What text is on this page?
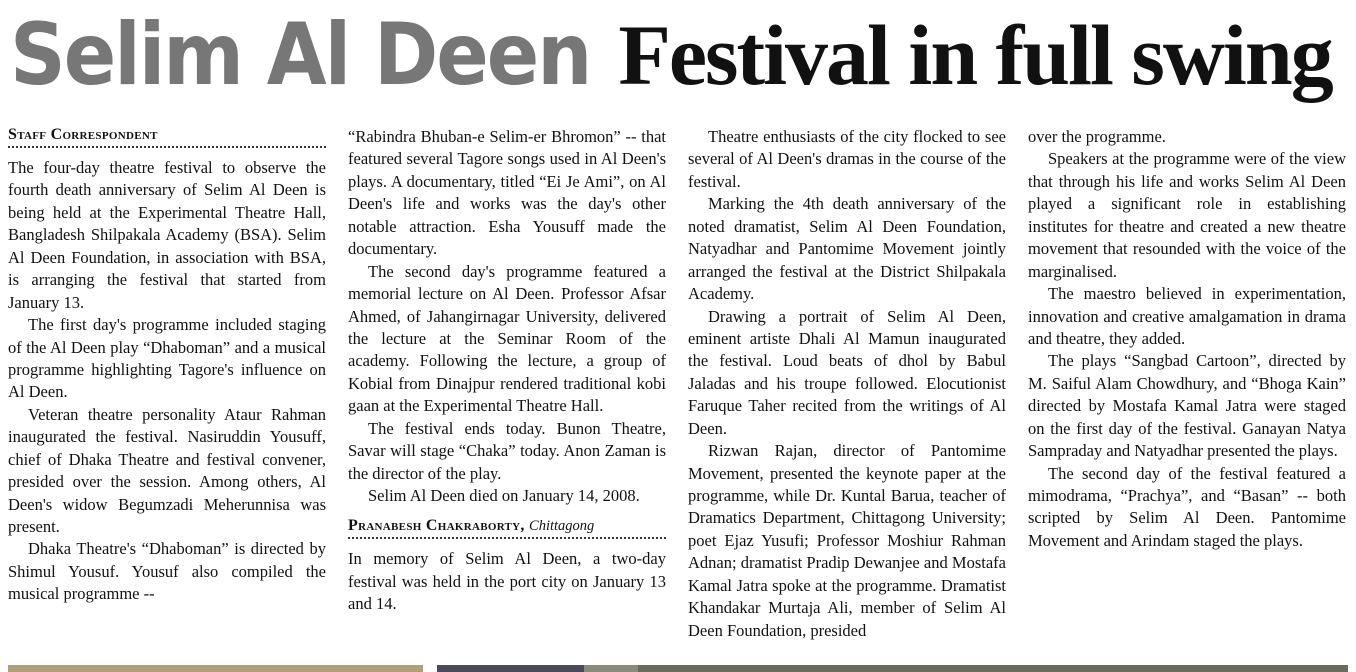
Selim Al Deen Festival in full swing
Staff Correspondent

The four-day theatre festival to observe the fourth death anniversary of Selim Al Deen is being held at the Experimental Theatre Hall, Bangladesh Shilpakala Academy (BSA). Selim Al Deen Foundation, in association with BSA, is arranging the festival that started from January 13.

The first day's programme included staging of the Al Deen play “Dhaboman” and a musical programme highlighting Tagore's influence on Al Deen.

Veteran theatre personality Ataur Rahman inaugurated the festival. Nasiruddin Yousuff, chief of Dhaka Theatre and festival convener, presided over the session. Among others, Al Deen's widow Begumzadi Meherunnisa was present.

Dhaka Theatre's “Dhaboman” is directed by Shimul Yousuf. Yousuf also compiled the musical programme --

“Rabindra Bhuban-e Selim-er Bhromon” -- that featured several Tagore songs used in Al Deen's plays. A documentary, titled “Ei Je Ami”, on Al Deen's life and works was the day's other notable attraction. Esha Yousuff made the documentary.

The second day's programme featured a memorial lecture on Al Deen. Professor Afsar Ahmed, of Jahangirnagar University, delivered the lecture at the Seminar Room of the academy. Following the lecture, a group of Kobial from Dinajpur rendered traditional kobi gaan at the Experimental Theatre Hall.

The festival ends today. Bunon Theatre, Savar will stage “Chaka” today. Anon Zaman is the director of the play.

Selim Al Deen died on January 14, 2008.

Pranabesh Chakraborty, Chittagong

In memory of Selim Al Deen, a two-day festival was held in the port city on January 13 and 14.

Theatre enthusiasts of the city flocked to see several of Al Deen's dramas in the course of the festival.

Marking the 4th death anniversary of the noted dramatist, Selim Al Deen Foundation, Natyadhar and Pantomime Movement jointly arranged the festival at the District Shilpakala Academy.

Drawing a portrait of Selim Al Deen, eminent artiste Dhali Al Mamun inaugurated the festival. Loud beats of dhol by Babul Jaladas and his troupe followed. Elocutionist Faruque Taher recited from the writings of Al Deen.

Rizwan Rajan, director of Pantomime Movement, presented the keynote paper at the programme, while Dr. Kuntal Barua, teacher of Dramatics Department, Chittagong University; poet Ejaz Yusufi; Professor Moshiur Rahman Adnan; dramatist Pradip Dewanjee and Mostafa Kamal Jatra spoke at the programme. Dramatist Khandakar Murtaja Ali, member of Selim Al Deen Foundation, presided

over the programme.

Speakers at the programme were of the view that through his life and works Selim Al Deen played a significant role in establishing institutes for theatre and created a new theatre movement that resounded with the voice of the marginalised.

The maestro believed in experimentation, innovation and creative amalgamation in drama and theatre, they added.

The plays “Sangbad Cartoon”, directed by M. Saiful Alam Chowdhury, and “Bhoga Kain” directed by Mostafa Kamal Jatra were staged on the first day of the festival. Ganayan Natya Sampraday and Natyadhar presented the plays.

The second day of the festival featured a mimodrama, “Prachya”, and “Basan” -- both scripted by Selim Al Deen. Pantomime Movement and Arindam staged the plays.
